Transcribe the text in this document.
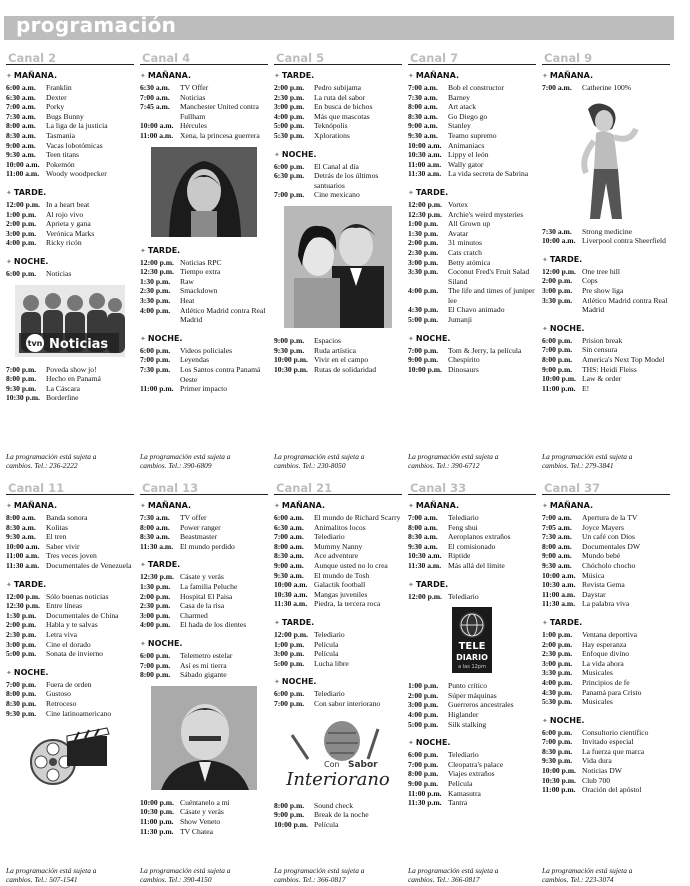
programación
Canal 2
✦ MAÑANA.
6:00 a.m.	Franklin
6:30 a.m.	Dexter
7:00 a.m.	Porky
7:30 a.m.	Bugs Bunny
8:00 a.m.	La liga de la justicia
8:30 a.m.	Tasmania
9:00 a.m.	Vacas lobotómicas
9:30 a.m.	Teen titans
10:00 a.m. Pokemón
11:00 a.m. Woody woodpecker
✦ TARDE.
12:00 p.m. In a heart beat
1:00 p.m.	Al rojo vivo
2:00 p.m.	Aprieta y gana
3:00 p.m.	Verónica Marks
4:00 p.m.	Ricky ricón
✦ NOCHE.
6:00 p.m.	Noticias
tvn Noticias
7:00 p.m.	Poveda show jo!
8:00 p.m.	Hecho en Panamá
9:30 p.m.	La Cáscara
10:30 p.m. Borderline
La programación está sujeta a
cambios. Tel.: 236-2222
Canal 4
✦ MAÑANA.
6:30 a.m.	TV Offer
7:00 a.m.	Noticias
7:45 a.m.	Manchester United contra Fullham
10:00 a.m. Hércules
11:00 a.m. Xena, la princesa guerrera
✦ TARDE.
12:00 p.m. Noticias RPC
12:30 p.m. Tiempo extra
1:30 p.m.	Raw
2:30 p.m.	Smackdown
3:30 p.m.	Heat
4:00 p.m.	Atlético Madrid contra Real Madrid
✦ NOCHE.
6:00 p.m.	Videos policiales
7:00 p.m.	Leyendas
7:30 p.m.	Los Santos contra Panamá Oeste
11:00 p.m. Primer impacto
La programación está sujeta a
cambios. Tel.: 390-6809
Canal 5
✦ TARDE.
2:00 p.m.	Pedro subijama
2:30 p.m.	La ruta del sabor
3:00 p.m.	En busca de bichos
4:00 p.m.	Más que mascotas
5:00 p.m.	Teknópolis
5:30 p.m.	Xplorations
✦ NOCHE.
6:00 p.m.	El Canal al día
6:30 p.m.	Detrás de los últimos santuarios
7:00 p.m.	Cine mexicano
9:00 p.m.	Espacios
9:30 p.m.	Ruda artística
10:00 p.m. Vivir en el campo
10:30 p.m. Rutas de solidaridad
La programación está sujeta a
cambios. Tel.: 230-8050
Canal 7
✦ MAÑANA.
7:00 a.m.	Bob el constructor
7:30 a.m.	Barney
8:00 a.m.	Art atack
8:30 a.m.	Go Diego go
9:00 a.m.	Stanley
9:30 a.m.	Teamo supremo
10:00 a.m. Animaniacs
10:30 a.m. Lippy el león
11:00 a.m. Wally gator
11:30 a.m. La vida secreta de Sabrina
✦ TARDE.
12:00 p.m. Vortex
12:30 p.m. Archie's weird mysteries
1:00 p.m.	All Grown up
1:30 p.m.	Avatar
2:00 p.m.	31 minutos
2:30 p.m.	Cats cratch
3:00 p.m.	Betty atómica
3:30 p.m.	Coconut Fred's Fruit Salad Siland
4:00 p.m.	The life and times of juniper lee
4:30 p.m.	El Chavo animado
5:00 p.m.	Jumanji
✦ NOCHE.
7:00 p.m.	Tom & Jerry, la película
9:00 p.m.	Chespirito
10:00 p.m. Dinosaurs
La programación está sujeta a
cambios. Tel.: 390-6712
Canal 9
✦ MAÑANA.
7:00 a.m.	Catherine 100%
7:30 a.m.	Strong medicine
10:00 a.m. Liverpool contra Sheerfield
✦ TARDE.
12:00 p.m. One tree hill
2:00 p.m.	Cops
3:00 p.m.	Pre show liga
3:30 p.m.	Atlético Madrid contra Real Madrid
✦ NOCHE.
6:00 p.m.	Prision break
7:00 p.m.	Sin censura
8:00 p.m.	America's Next Top Model
9:00 p.m.	THS: Heidi Fleiss
10:00 p.m. Law & order
11:00 p.m. E!
La programación está sujeta a
cambios. Tel.: 279-3841
Canal 11
✦ MAÑANA.
8:00 a.m.	Banda sonora
8:30 a.m.	Kolitas
9:30 a.m.	El tren
10:00 a.m. Saber vivir
11:00 a.m. Tres veces joven
11:30 a.m. Documentales de Venezuela
✦ TARDE.
12:00 p.m. Sólo buenas noticias
12:30 p.m. Entre líneas
1:30 p.m.	Documentales de China
2:00 p.m.	Habla y te salvas
2:30 p.m.	Letra viva
3:00 p.m.	Cine el dorado
5:00 p.m.	Sonata de invierno
✦ NOCHE.
7:00 p.m.	Fuera de orden
8:00 p.m.	Gustoso
8:30 p.m.	Retroceso
9:30 p.m.	Cine latinoamericano
La programación está sujeta a
cambios. Tel.: 507-1541
Canal 13
✦ MAÑANA.
7:30 a.m.	TV offer
8:00 a.m.	Power ranger
8:30 a.m.	Beastmaster
11:30 a.m. El mundo perdido
✦ TARDE.
12:30 p.m. Cásate y verás
1:30 p.m.	La familia Peluche
2:00 p.m.	Hospital El Paisa
2:30 p.m.	Casa de la risa
3:00 p.m.	Charmed
4:00 p.m.	El hada de los dientes
✦ NOCHE.
6:00 p.m.	Telemetro estelar
7:00 p.m.	Así es mi tierra
8:00 p.m.	Sábado gigante
10:00 p.m. Cuéntanelo a mi
10:30 p.m. Cásate y verás
11:00 p.m. Show Veneto
11:30 p.m. TV Chatea
La programación está sujeta a
cambios. Tel.: 390-4150
Canal 21
✦ MAÑANA.
6:00 a.m.	El mundo de Richard Scarry
6:30 a.m.	Animalitos locos
7:00 a.m.	Telediario
8:00 a.m.	Mummy Nanny
8:30 a.m.	Ace adventure
9:00 a.m.	Aunque usted no lo crea
9:30 a.m.	El mundo de Tosh
10:00 a.m. Galactik football
10:30 a.m. Mangas juveniles
11:30 a.m. Piedra, la tercera roca
✦ TARDE.
12:00 p.m. Telediario
1:00 p.m.	Película
3:00 p.m.	Película
5:00 p.m.	Lucha libre
✦ NOCHE.
6:00 p.m.	Telediario
7:00 p.m.	Con sabor interiorano
Con Sabor
Interiorano
8:00 p.m.	Sound check
9:00 p.m.	Break de la noche
10:00 p.m. Película
La programación está sujeta a
cambios. Tel.: 366-0817
Canal 33
✦ MAÑANA.
7:00 a.m.	Telediario
8:00 a.m.	Feng shui
8:30 a.m.	Aeroplanos extraños
9:30 a.m.	El comisionado
10:30 a.m. Riptide
11:30 a.m. Más allá del límite
✦ TARDE.
12:00 p.m. Telediario
TELE
DIARIO
a las 12pm
1:00 p.m.	Punto crítico
2:00 p.m.	Súper máquinas
3:00 p.m.	Guerreros ancestrales
4:00 p.m.	Higlander
5:00 p.m.	Silk stalking
✦ NOCHE.
6:00 p.m.	Telediario
7:00 p.m.	Cleopatra's palace
8:00 p.m.	Viajes extraños
9:00 p.m.	Película
11:00 p.m. Kamasutra
11:30 p.m. Tantra
La programación está sujeta a
cambios. Tel.: 366-0817
Canal 37
✦ MAÑANA.
7:00 a.m.	Apertura de la TV
7:05 a.m.	Joyce Mayers
7:30 a.m.	Un café con Dios
8:00 a.m.	Documentales DW
9:00 a.m.	Mundo bebé
9:30 a.m.	Chócholo chocho
10:00 a.m. Música
10:30 a.m. Revista Gema
11:00 a.m. Daystar
11:30 a.m. La palabra viva
✦ TARDE.
1:00 p.m.	Ventana deportiva
2:00 p.m.	Hay esperanza
2:30 p.m.	Enfoque divino
3:00 p.m.	La vida ahora
3:30 p.m.	Musicales
4:00 p.m.	Principios de fe
4:30 p.m.	Panamá para Cristo
5:30 p.m.	Musicales
✦ NOCHE.
6:00 p.m.	Consultorio científico
7:00 p.m.	Invitado especial
8:30 p.m.	La fuerza que marca
9:30 p.m.	Vida dura
10:00 p.m. Noticias DW
10:30 p.m. Club 700
11:00 p.m. Oración del apóstol
La programación está sujeta a
cambios. Tel.: 223-3074
